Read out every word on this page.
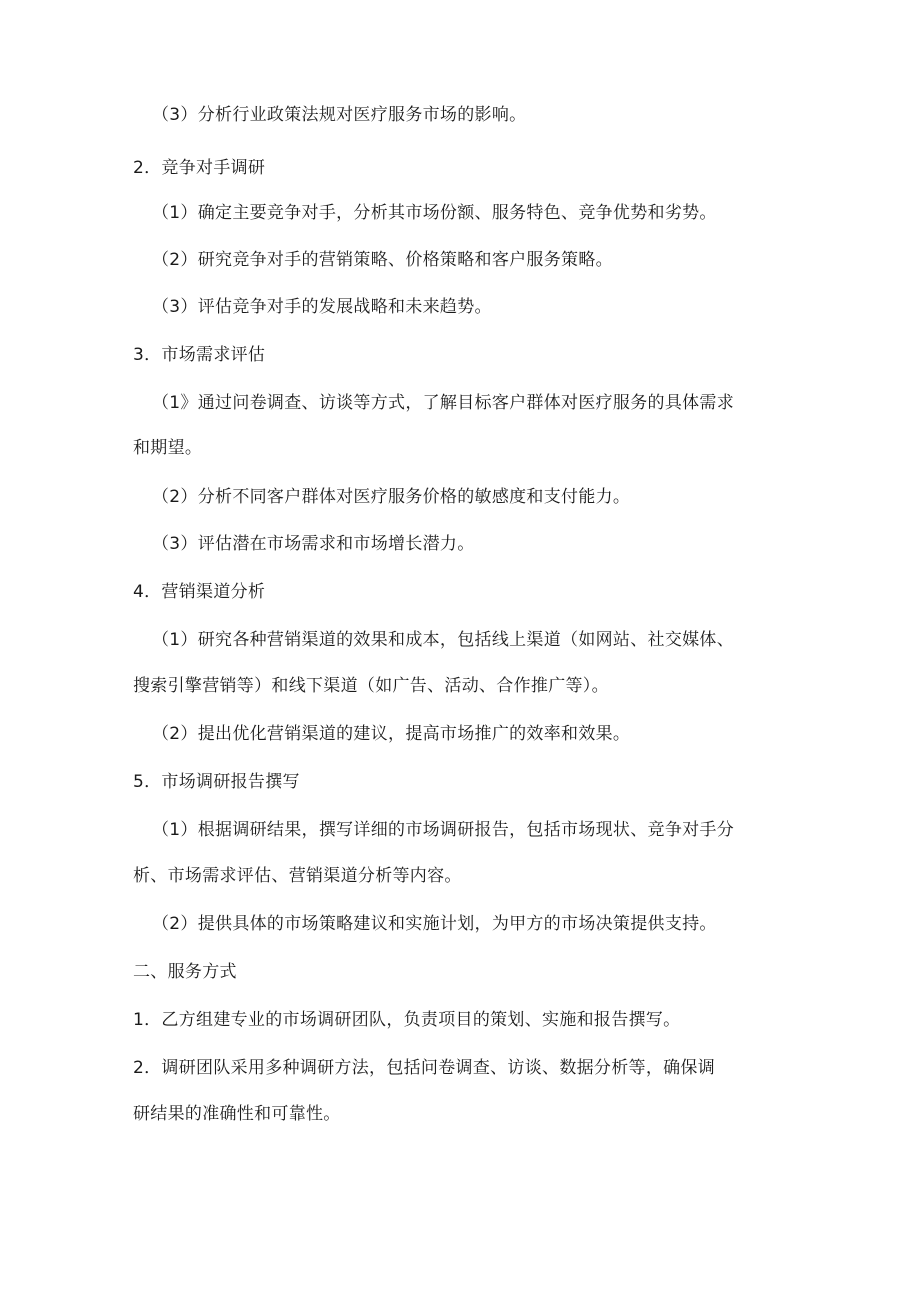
（3）分析行业政策法规对医疗服务市场的影响。

2．竞争对手调研

（1）确定主要竞争对手，分析其市场份额、服务特色、竞争优势和劣势。

（2）研究竞争对手的营销策略、价格策略和客户服务策略。

（3）评估竞争对手的发展战略和未来趋势。

3．市场需求评估

（1》通过问卷调查、访谈等方式，了解目标客户群体对医疗服务的具体需求

和期望。

（2）分析不同客户群体对医疗服务价格的敏感度和支付能力。

（3）评估潜在市场需求和市场增长潜力。

4．营销渠道分析

（1）研究各种营销渠道的效果和成本，包括线上渠道（如网站、社交媒体、

搜索引擎营销等）和线下渠道（如广告、活动、合作推广等）。

（2）提出优化营销渠道的建议，提高市场推广的效率和效果。

5．市场调研报告撰写

（1）根据调研结果，撰写详细的市场调研报告，包括市场现状、竞争对手分

析、市场需求评估、营销渠道分析等内容。

（2）提供具体的市场策略建议和实施计划，为甲方的市场决策提供支持。

二、服务方式

1．乙方组建专业的市场调研团队，负责项目的策划、实施和报告撰写。

2．调研团队采用多种调研方法，包括问卷调查、访谈、数据分析等，确保调

研结果的准确性和可靠性。
